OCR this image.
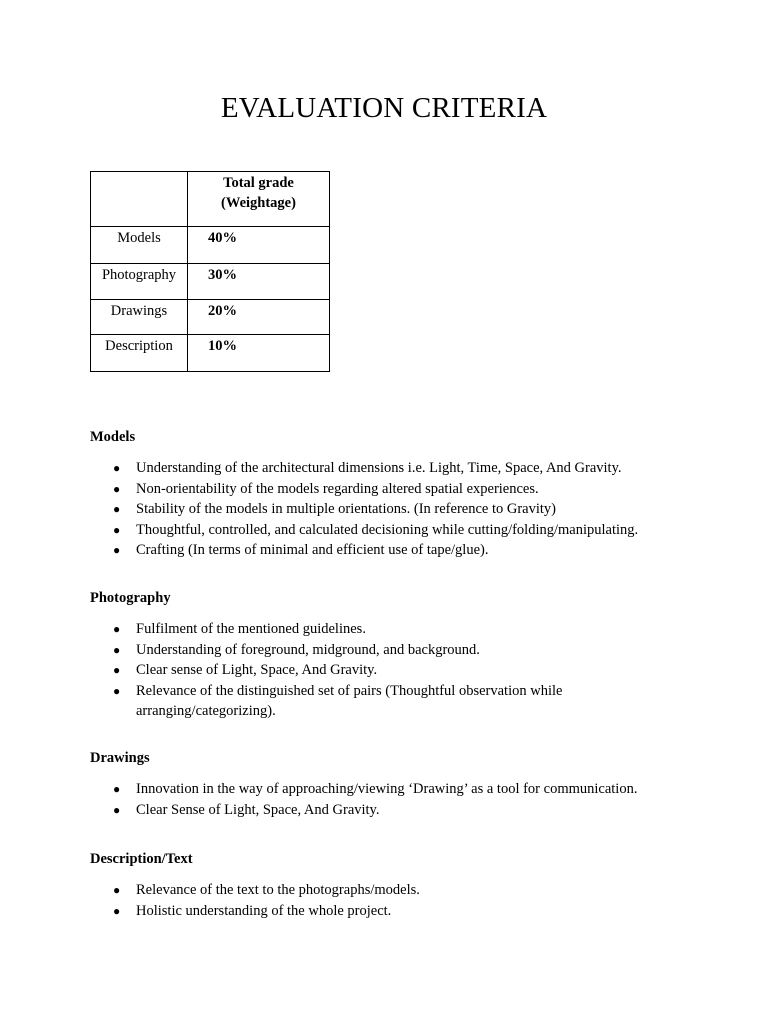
EVALUATION CRITERIA

	Total grade
(Weightage)

Models	40%

Photography	30%

Drawings	20%

Description	10%
Models
● Understanding of the architectural dimensions i.e. Light, Time, Space, And Gravity.
● Non-orientability of the models regarding altered spatial experiences.
● Stability of the models in multiple orientations. (In reference to Gravity)
● Thoughtful, controlled, and calculated decisioning while cutting/folding/manipulating.
● Crafting (In terms of minimal and efficient use of tape/glue).
Photography
● Fulfilment of the mentioned guidelines.
● Understanding of foreground, midground, and background.
● Clear sense of Light, Space, And Gravity.
● Relevance of the distinguished set of pairs (Thoughtful observation while arranging/categorizing).
Drawings
● Innovation in the way of approaching/viewing ‘Drawing’ as a tool for communication.
● Clear Sense of Light, Space, And Gravity.
Description/Text
● Relevance of the text to the photographs/models.
● Holistic understanding of the whole project.
